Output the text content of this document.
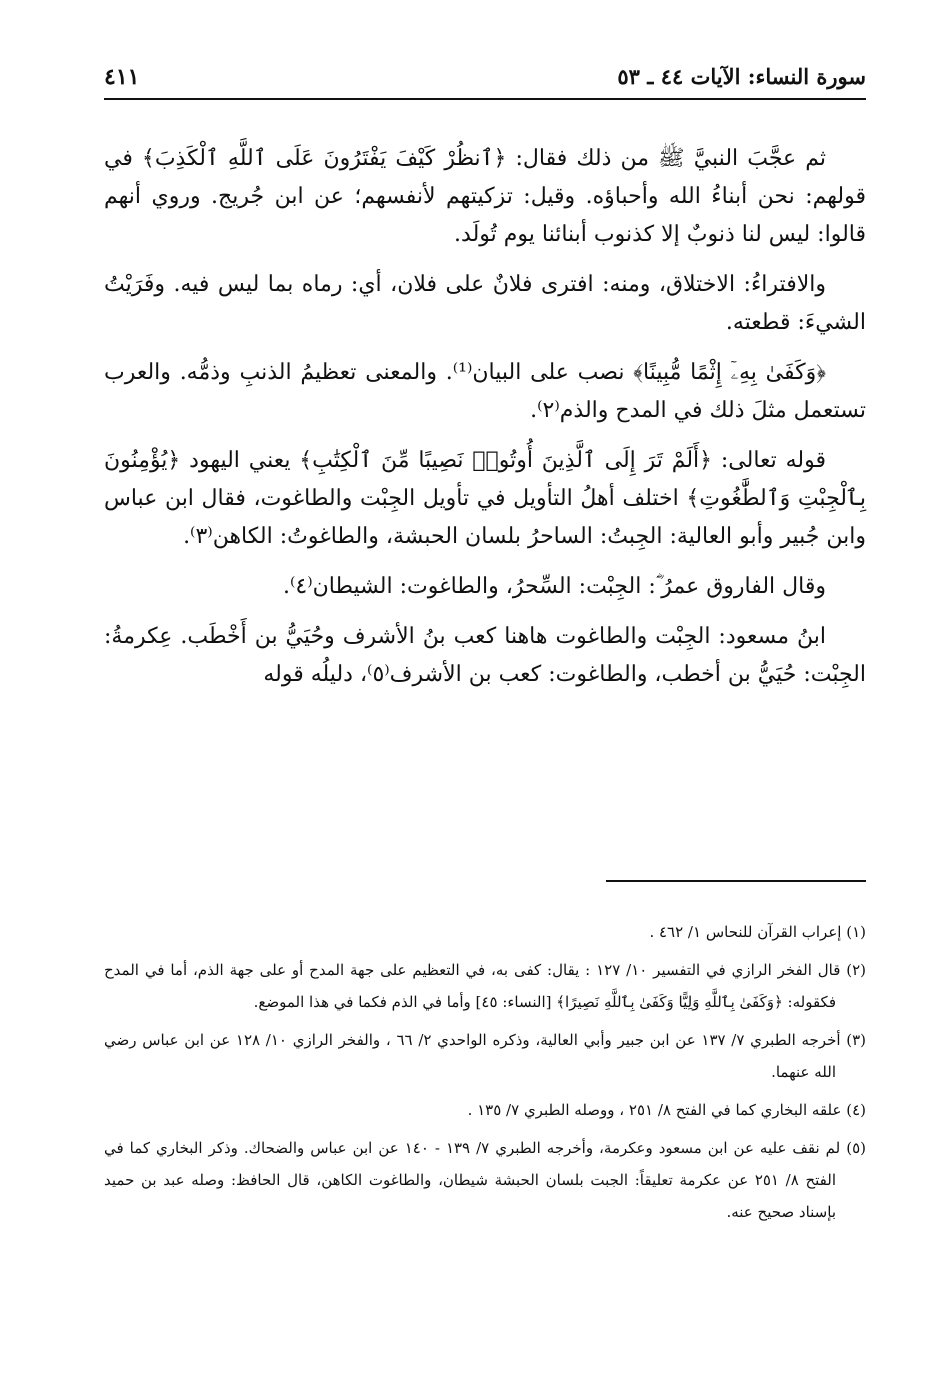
سورة النساء: الآيات ٤٤ ـ ٥٣
٤١١

ثم عجَّبَ النبيَّ ﷺ من ذلك فقال: ﴿ٱنظُرْ كَيْفَ يَفْتَرُونَ عَلَى ٱللَّهِ ٱلْكَذِبَ﴾ في قولهم: نحن أبناءُ الله وأحباؤه. وقيل: تزكيتهم لأنفسهم؛ عن ابن جُريج. وروي أنهم قالوا: ليس لنا ذنوبٌ إلا كذنوب أبنائنا يوم تُولَد.

والافتراءُ: الاختلاق، ومنه: افترى فلانٌ على فلان، أي: رماه بما ليس فيه. وفَرَيْتُ الشيءَ: قطعته.

﴿وَكَفَىٰ بِهِۦٓ إِثْمًا مُّبِينًا﴾ نصب على البيان⁽¹⁾. والمعنى تعظيمُ الذنبِ وذمُّه. والعرب تستعمل مثلَ ذلك في المدح والذم⁽٢⁾.

قوله تعالى: ﴿أَلَمْ تَرَ إِلَى ٱلَّذِينَ أُوتُوا۟ نَصِيبًا مِّنَ ٱلْكِتَٰبِ﴾ يعني اليهود ﴿يُؤْمِنُونَ بِٱلْجِبْتِ وَٱلطَّٰغُوتِ﴾ اختلف أهلُ التأويل في تأويل الجِبْت والطاغوت، فقال ابن عباس وابن جُبير وأبو العالية: الجِبتُ: الساحرُ بلسان الحبشة، والطاغوتُ: الكاهن⁽٣⁾.

وقال الفاروق عمرُ ؓ: الجِبْت: السِّحرُ، والطاغوت: الشيطان⁽٤⁾.

ابنُ مسعود: الجِبْت والطاغوت هاهنا كعب بنُ الأشرف وحُيَيُّ بن أَخْطَب. عِكرمةُ: الجِبْت: حُيَيُّ بن أخطب، والطاغوت: كعب بن الأشرف⁽٥⁾، دليلُه قوله

(١) إعراب القرآن للنحاس ١/ ٤٦٢ .
(٢) قال الفخر الرازي في التفسير ١٠/ ١٢٧ : يقال: كفى به، في التعظيم على جهة المدح أو على جهة الذم، أما في المدح فكقوله: ﴿وَكَفَىٰ بِٱللَّهِ وَلِيًّا وَكَفَىٰ بِٱللَّهِ نَصِيرًا﴾ [النساء: ٤٥] وأما في الذم فكما في هذا الموضع.
(٣) أخرجه الطبري ٧/ ١٣٧ عن ابن جبير وأبي العالية، وذكره الواحدي ٢/ ٦٦ ، والفخر الرازي ١٠/ ١٢٨ عن ابن عباس رضي الله عنهما.
(٤) علقه البخاري كما في الفتح ٨/ ٢٥١ ، ووصله الطبري ٧/ ١٣٥ .
(٥) لم نقف عليه عن ابن مسعود وعكرمة، وأخرجه الطبري ٧/ ١٣٩ - ١٤٠ عن ابن عباس والضحاك. وذكر البخاري كما في الفتح ٨/ ٢٥١ عن عكرمة تعليقاً: الجبت بلسان الحبشة شيطان، والطاغوت الكاهن، قال الحافظ: وصله عبد بن حميد بإسناد صحيح عنه.
